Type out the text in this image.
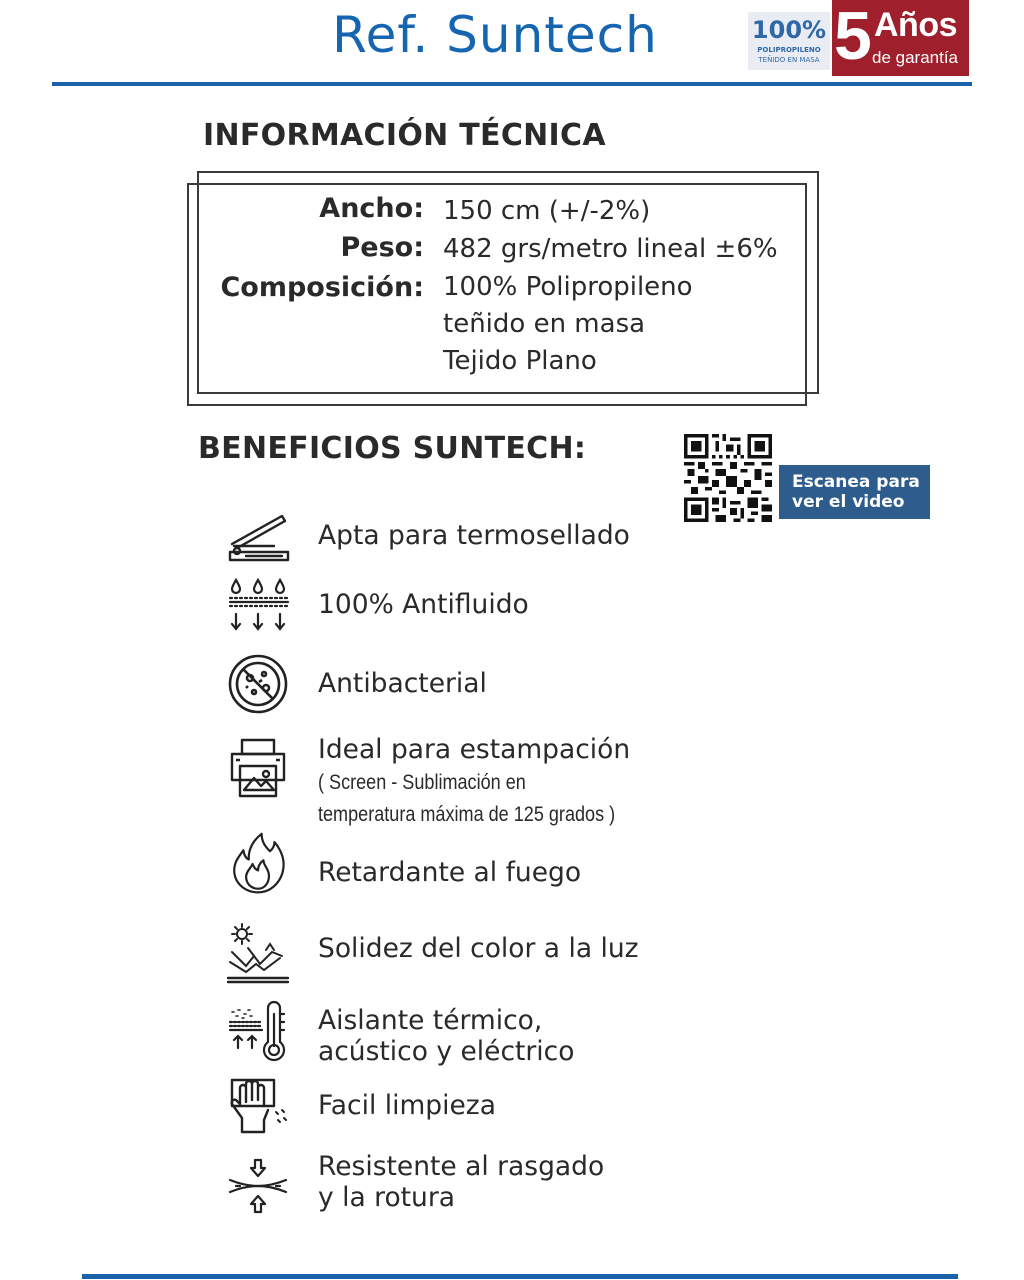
Ref. Suntech	100%
POLIPROPILENO
TEÑIDO EN MASA 5 Años
de garantía
INFORMACIÓN TÉCNICA
Ancho: 150 cm (+/-2%)
Peso: 482 grs/metro lineal ±6%
Composición: 100% Polipropileno
teñido en masa
Tejido Plano
BENEFICIOS SUNTECH:
Escanea para
ver el video
Apta para termosellado
100% Antifluido
Antibacterial
Ideal para estampación
( Screen - Sublimación en
temperatura máxima de 125 grados )
Retardante al fuego
Solidez del color a la luz
Aislante térmico,
acústico y eléctrico
Facil limpieza
Resistente al rasgado
y la rotura
